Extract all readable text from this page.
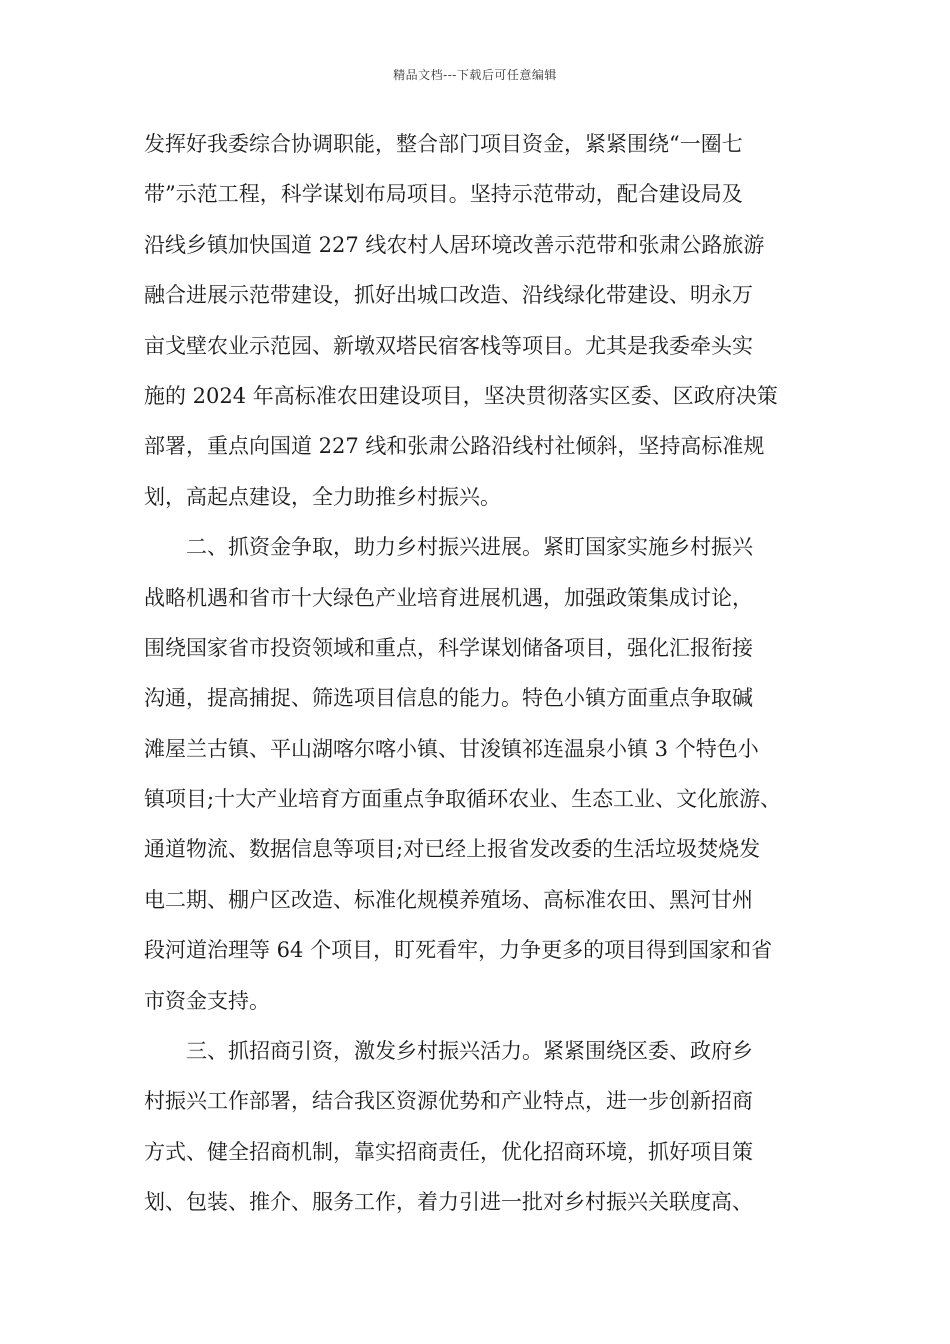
精品文档---下载后可任意编辑
发挥好我委综合协调职能，整合部门项目资金，紧紧围绕“一圈七
带”示范工程，科学谋划布局项目。坚持示范带动，配合建设局及
沿线乡镇加快国道 227 线农村人居环境改善示范带和张肃公路旅游
融合进展示范带建设，抓好出城口改造、沿线绿化带建设、明永万
亩戈壁农业示范园、新墩双塔民宿客栈等项目。尤其是我委牵头实
施的 2024 年高标准农田建设项目，坚决贯彻落实区委、区政府决策
部署，重点向国道 227 线和张肃公路沿线村社倾斜，坚持高标准规
划，高起点建设，全力助推乡村振兴。
　　二、抓资金争取，助力乡村振兴进展。紧盯国家实施乡村振兴
战略机遇和省市十大绿色产业培育进展机遇，加强政策集成讨论，
围绕国家省市投资领域和重点，科学谋划储备项目，强化汇报衔接
沟通，提高捕捉、筛选项目信息的能力。特色小镇方面重点争取碱
滩屋兰古镇、平山湖喀尔喀小镇、甘浚镇祁连温泉小镇 3 个特色小
镇项目;十大产业培育方面重点争取循环农业、生态工业、文化旅游、
通道物流、数据信息等项目;对已经上报省发改委的生活垃圾焚烧发
电二期、棚户区改造、标准化规模养殖场、高标准农田、黑河甘州
段河道治理等 64 个项目，盯死看牢，力争更多的项目得到国家和省
市资金支持。
　　三、抓招商引资，激发乡村振兴活力。紧紧围绕区委、政府乡
村振兴工作部署，结合我区资源优势和产业特点，进一步创新招商
方式、健全招商机制，靠实招商责任，优化招商环境，抓好项目策
划、包装、推介、服务工作，着力引进一批对乡村振兴关联度高、
